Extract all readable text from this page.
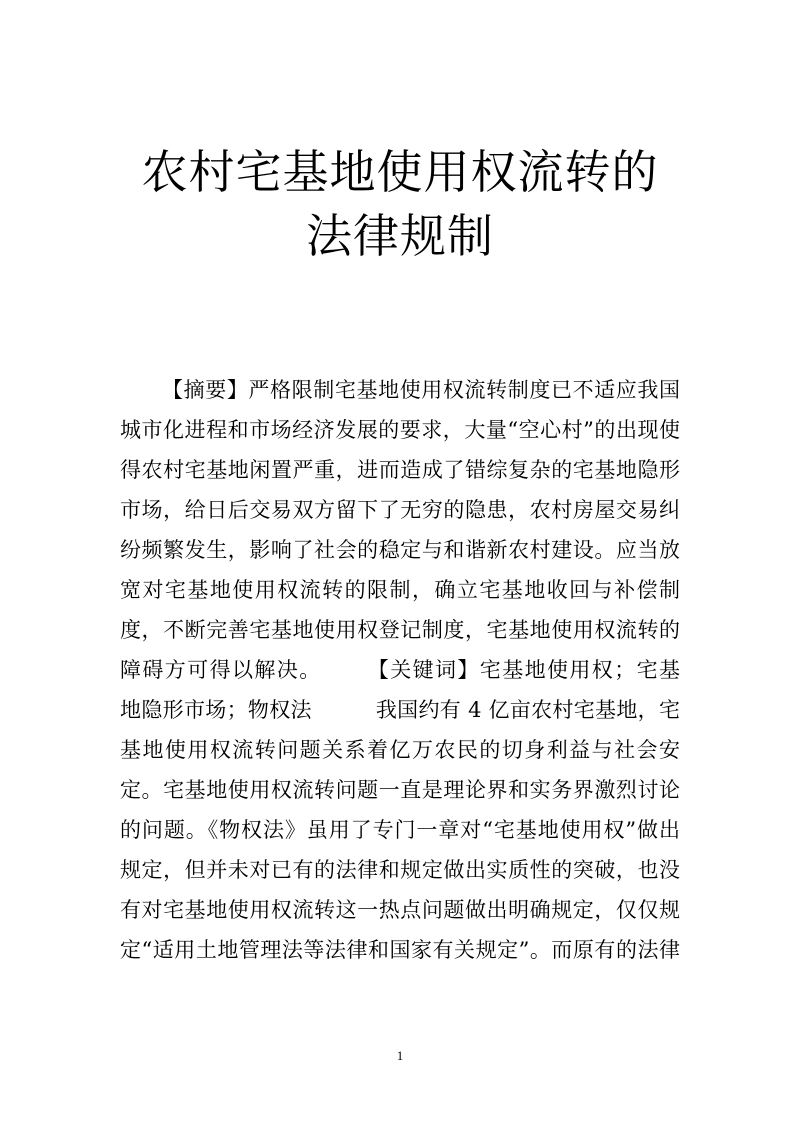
农村宅基地使用权流转的
法律规制
【摘要】严格限制宅基地使用权流转制度已不适应我国
城市化进程和市场经济发展的要求，大量“空心村”的出现使
得农村宅基地闲置严重，进而造成了错综复杂的宅基地隐形
市场，给日后交易双方留下了无穷的隐患，农村房屋交易纠
纷频繁发生，影响了社会的稳定与和谐新农村建设。应当放
宽对宅基地使用权流转的限制，确立宅基地收回与补偿制
度，不断完善宅基地使用权登记制度，宅基地使用权流转的
障碍方可得以解决。　　　【关键词】宅基地使用权；宅基
地隐形市场；物权法　　　我国约有 4 亿亩农村宅基地，宅
基地使用权流转问题关系着亿万农民的切身利益与社会安
定。宅基地使用权流转问题一直是理论界和实务界激烈讨论
的问题。《物权法》虽用了专门一章对“宅基地使用权”做出
规定，但并未对已有的法律和规定做出实质性的突破，也没
有对宅基地使用权流转这一热点问题做出明确规定，仅仅规
定“适用土地管理法等法律和国家有关规定”。而原有的法律
1
